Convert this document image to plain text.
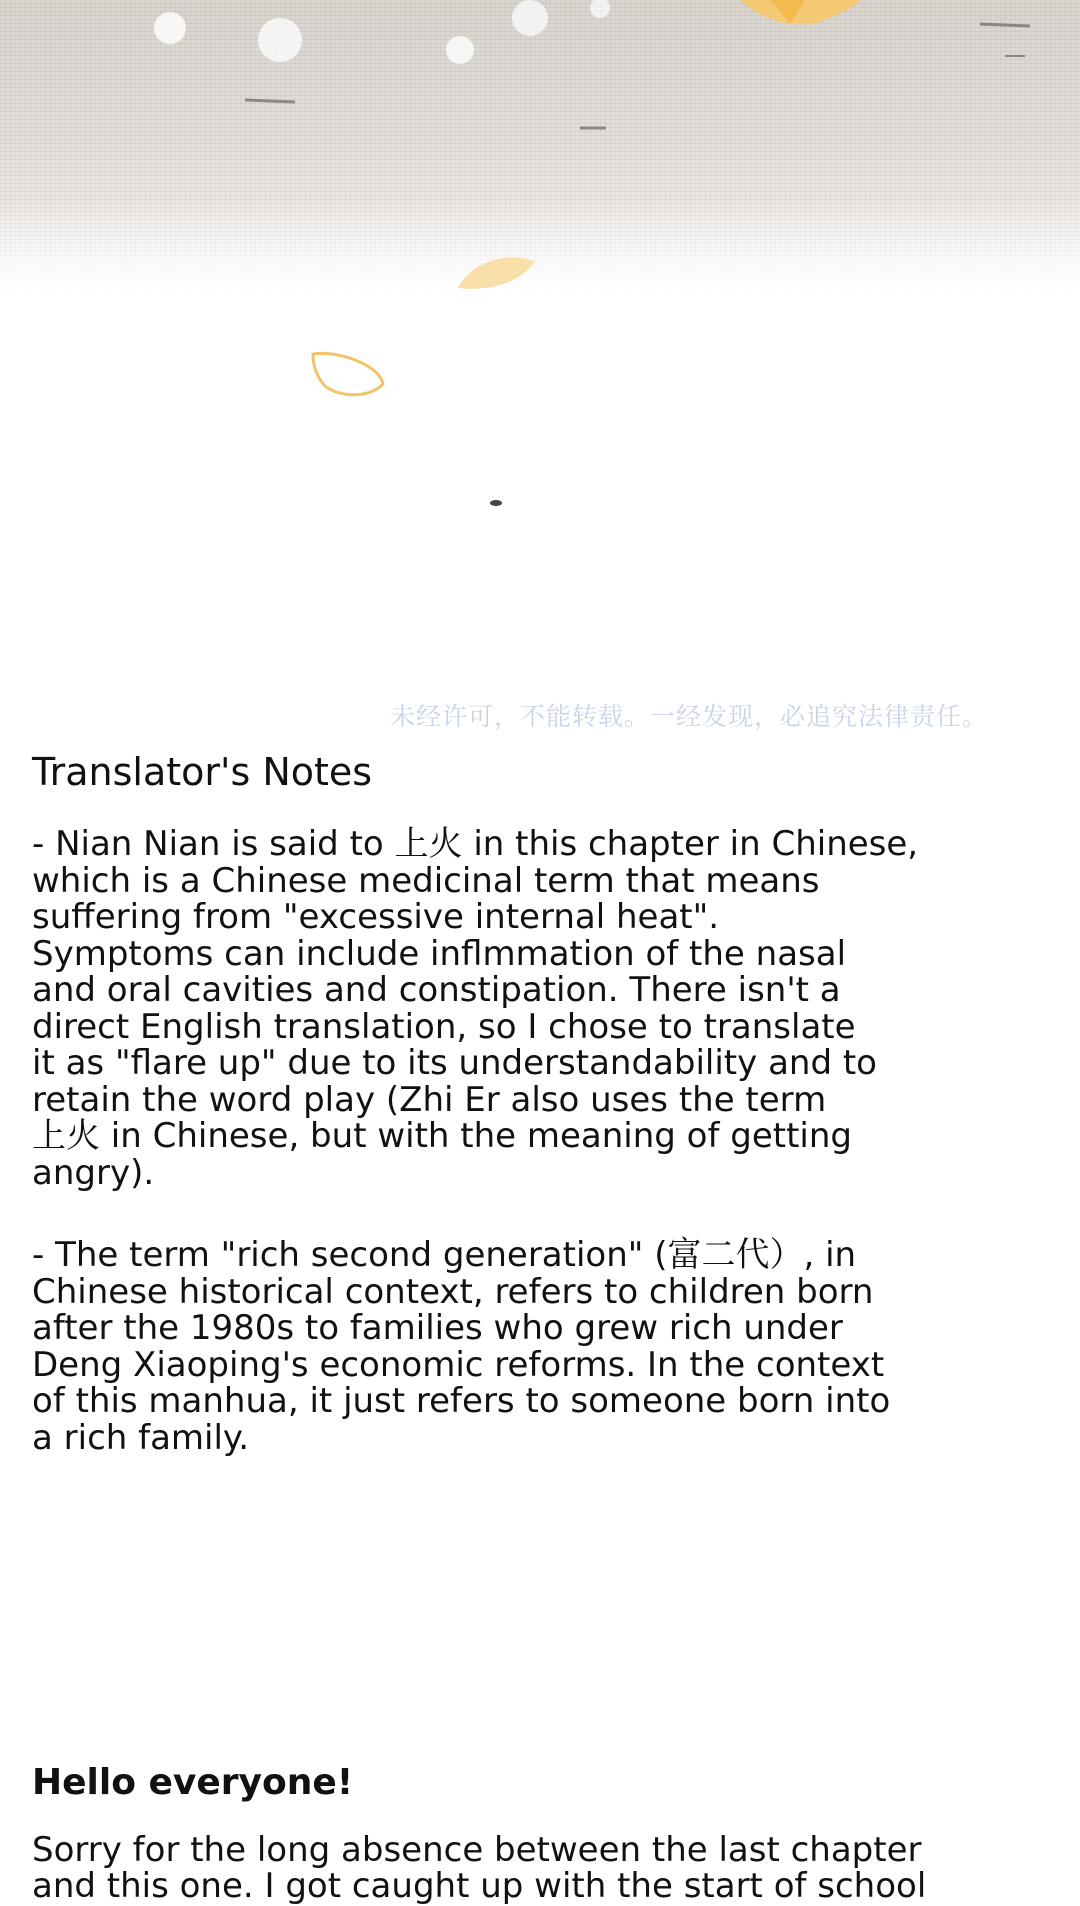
未经许可，不能转载。一经发现，必追究法律责任。
Translator's Notes

- Nian Nian is said to 上火 in this chapter in Chinese,
which is a Chinese medicinal term that means
suffering from "excessive internal heat".
Symptoms can include inflmmation of the nasal
and oral cavities and constipation. There isn't a
direct English translation, so I chose to translate
it as "flare up" due to its understandability and to
retain the word play (Zhi Er also uses the term
上火 in Chinese, but with the meaning of getting
angry).

- The term "rich second generation" (富二代）, in
Chinese historical context, refers to children born
after the 1980s to families who grew rich under
Deng Xiaoping's economic reforms. In the context
of this manhua, it just refers to someone born into
a rich family.

Hello everyone!

Sorry for the long absence between the last chapter
and this one. I got caught up with the start of school
